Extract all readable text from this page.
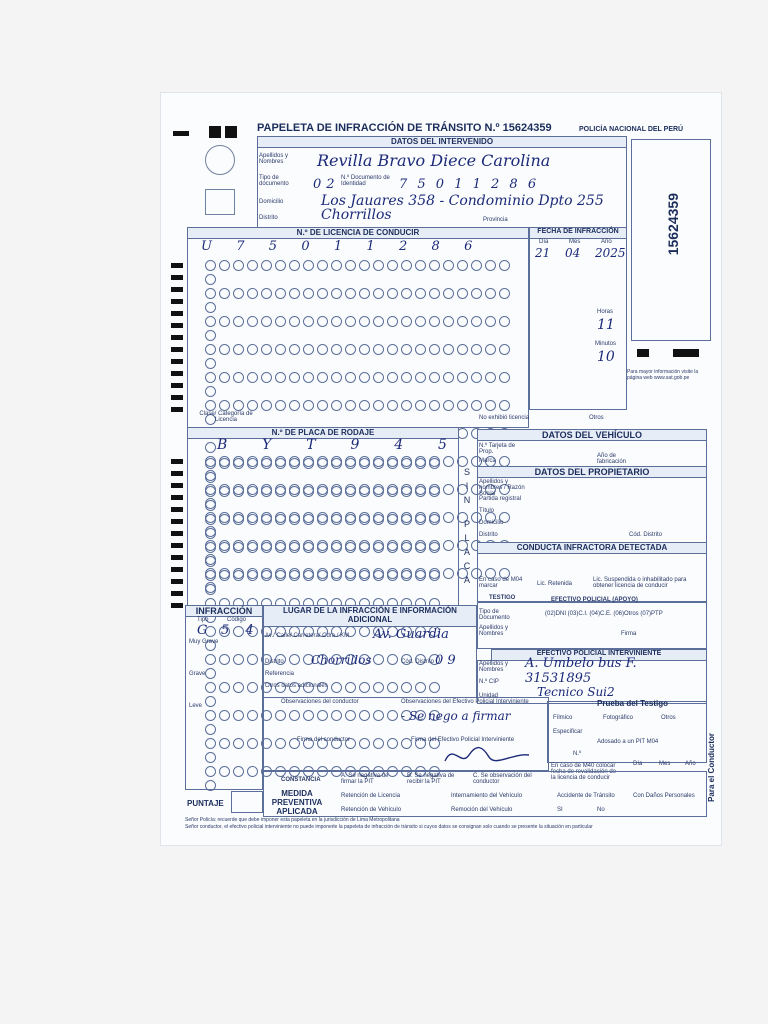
PAPELETA DE INFRACCIÓN DE TRÁNSITO N.º 15624359	POLICÍA NACIONAL DEL PERÚ
15624359
Para mayor información visite la página web www.sat.gob.pe
DATOS DEL INTERVENIDO
Apellidos y Nombres	Revilla Bravo Diece Carolina
Tipo de documento	02 N.º Documento de Identidad	7 5 0 1 1 2 8 6
Domicilio	Los Jauares 358 - Condominio Dpto 255
Distrito	Chorrillos	Provincia
N.º DE LICENCIA DE CONDUCIR
U 7 5 0 1 1 2 8 6

Clase/ Categoría de Licencia	No exhibió licencia	Otros
FECHA DE INFRACCIÓN
Día	Mes	Año
21 04 2025
Horas
11
Minutos
10
N.º DE PLACA DE RODAJE
B Y T 9 4 5

S
I
N
P
L
A
C
A
DATOS DEL VEHÍCULO
N.º Tarjeta de Prop.
Marca
Año de fabricación
DATOS DEL PROPIETARIO
Apellidos y nombres / Razón Social
Partida registral
Título
Domicilio
Distrito	Cód. Distrito
CONDUCTA INFRACTORA DETECTADA
En caso de M04 marcar	Lic. Retenida
Lic. Suspendida o inhabilitado para obtener licencia de conducir
TESTIGO	EFECTIVO POLICIAL (APOYO)
Tipo de Documento
(02)DNI (03)C.I. (04)C.E. (06)Otros (07)PTP
Apellidos y Nombres	Firma
EFECTIVO POLICIAL INTERVINIENTE
Apellidos y Nombres	A. Umbelo bus F.
N.º CIP 31531895
Unidad	Tecnico Sui2
INFRACCIÓN
Tipo	Código
G 5 4
Muy Grave
Grave
Leve
PUNTAJE
LUGAR DE LA INFRACCIÓN E INFORMACIÓN ADICIONAL
Av./ Calle/ Carretera/ Cdra./ KM Av. Guardia
Distrito Chorrillos	Cód. Distrito 0 9
Referencia
Otros datos adicionales
Observaciones del conductor	Observaciones del Efectivo Policial Interviniente
- Se nego a firmar
Firma del conductor	Firma del Efectivo Policial Interviniente
Prueba del Testigo
Fílmico	Fotográfico	Otros
Especificar
Adosado a un PIT M04
N.º
En caso de M40 colocar fecha de revalidación de la licencia de conducir
Día	Mes Año
CONSTANCIA
A. Se negativa de firmar la PIT
B. Se negativa de recibir la PIT
C. Se observación del conductor
MEDIDA PREVENTIVA APLICADA
Retención de Licencia	Internamiento del Vehículo
Retención de Vehículo	Remoción del Vehículo
Accidente de Tránsito	Con Daños Personales
SI	No
Para el Conductor
Señor Policía: recuerde que debe imponer esta papeleta en la jurisdicción de Lima Metropolitana
Señor conductor, el efectivo policial interviniente no puede imponerle la papeleta de infracción de tránsito si cuyos datos se consignan solo cuando se presente la situación en particular
